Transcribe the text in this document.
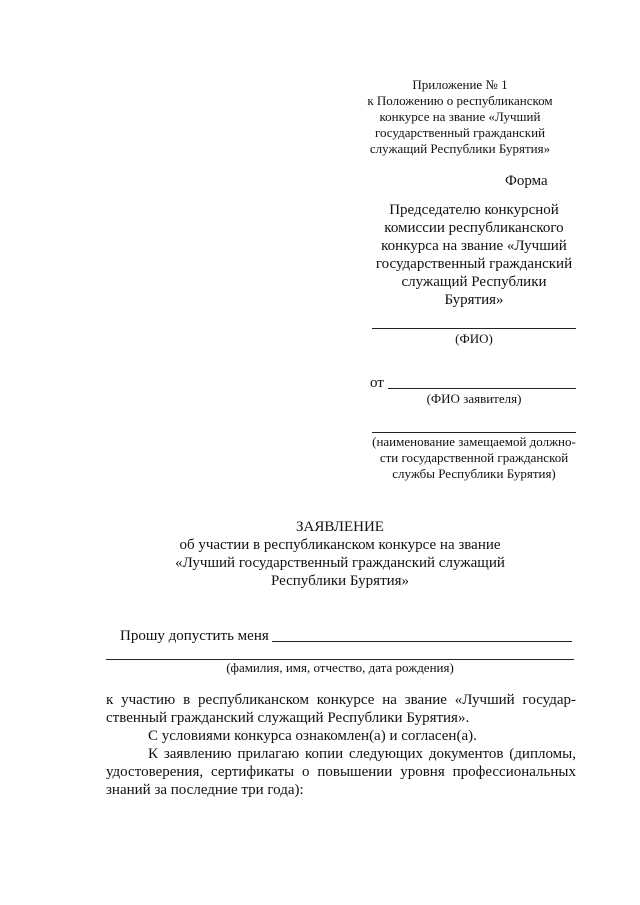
Приложение № 1
к Положению о республиканском
конкурсе на звание «Лучший
государственный гражданский
служащий Республики Бурятия»
Форма
Председателю конкурсной
комиссии республиканского
конкурса на звание «Лучший
государственный гражданский
служащий Республики
Бурятия»
(ФИО)
от
(ФИО заявителя)
(наименование замещаемой должно-
сти государственной гражданской
службы Республики Бурятия)
ЗАЯВЛЕНИЕ
об участии в республиканском конкурсе на звание
«Лучший государственный гражданский служащий
Республики Бурятия»
Прошу допустить меня
(фамилия, имя, отчество, дата рождения)
к участию в республиканском конкурсе на звание «Лучший государ-
ственный гражданский служащий Республики Бурятия».
С условиями конкурса ознакомлен(а) и согласен(а).
К заявлению прилагаю копии следующих документов (дипломы,
удостоверения, сертификаты о повышении уровня профессиональных
знаний за последние три года):
